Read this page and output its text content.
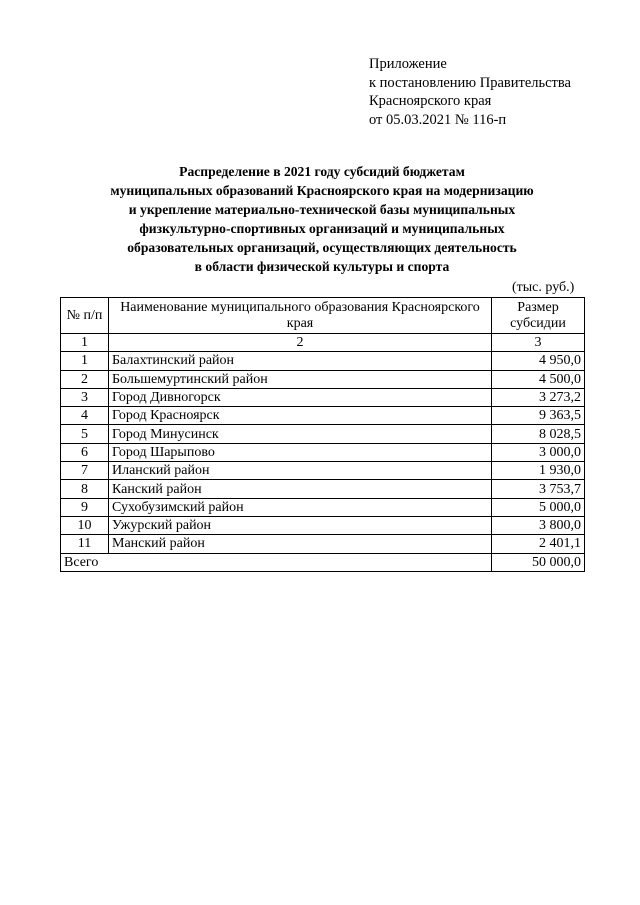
Приложение
к постановлению Правительства
Красноярского края
от 05.03.2021 № 116-п
Распределение в 2021 году субсидий бюджетам
муниципальных образований Красноярского края на модернизацию
и укрепление материально-технической базы муниципальных
физкультурно-спортивных организаций и муниципальных
образовательных организаций, осуществляющих деятельность
в области физической культуры и спорта
(тыс. руб.)
№ п/п	Наименование муниципального образования Красноярского края	Размер субсидии
1	2	3
1	Балахтинский район	4 950,0
2	Большемуртинский район	4 500,0
3	Город Дивногорск	3 273,2
4	Город Красноярск	9 363,5
5	Город Минусинск	8 028,5
6	Город Шарыпово	3 000,0
7	Иланский район	1 930,0
8	Канский район	3 753,7
9	Сухобузимский район	5 000,0
10	Ужурский район	3 800,0
11	Манский район	2 401,1
Всего		50 000,0
